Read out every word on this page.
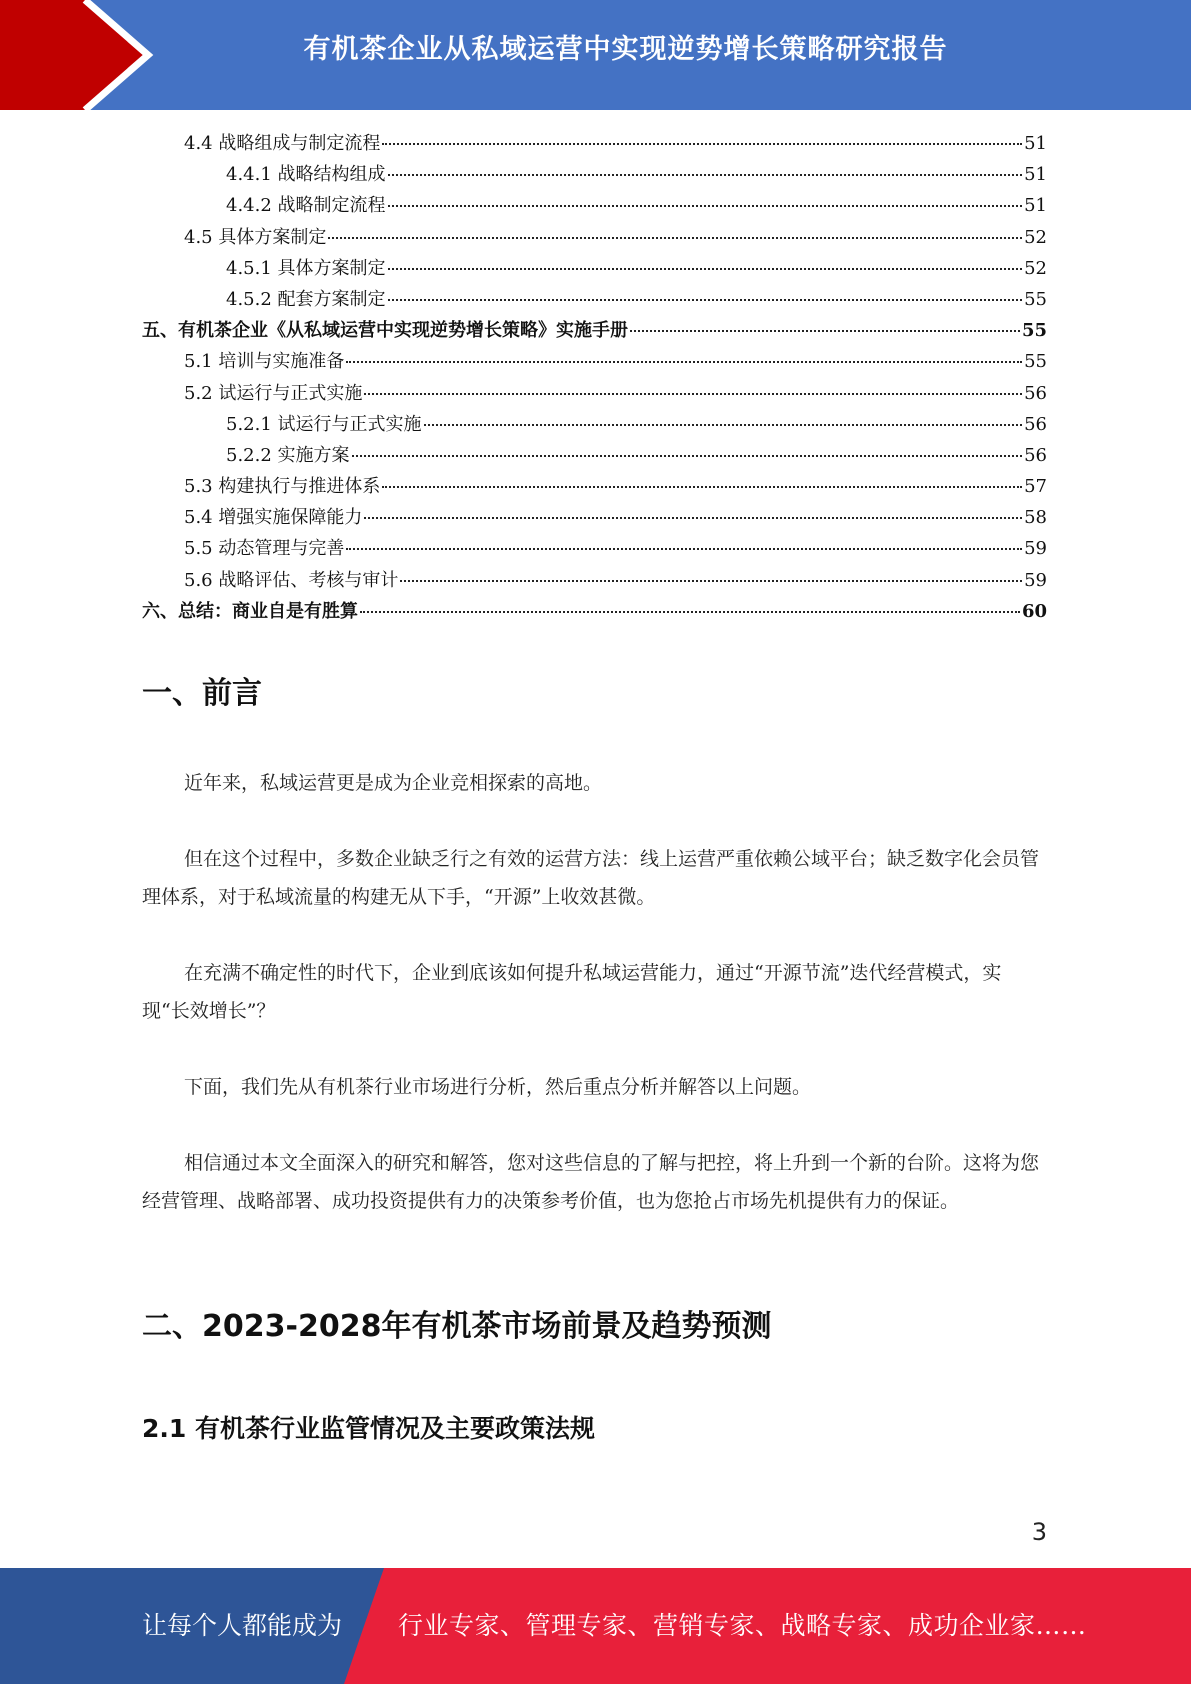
有机茶企业从私域运营中实现逆势增长策略研究报告
4.4 战略组成与制定流程	51
4.4.1 战略结构组成	51
4.4.2 战略制定流程	51
4.5 具体方案制定	52
4.5.1 具体方案制定	52
4.5.2 配套方案制定	55
五、有机茶企业《从私域运营中实现逆势增长策略》实施手册	55
5.1 培训与实施准备	55
5.2 试运行与正式实施	56
5.2.1 试运行与正式实施	56
5.2.2 实施方案	56
5.3 构建执行与推进体系	57
5.4 增强实施保障能力	58
5.5 动态管理与完善	59
5.6 战略评估、考核与审计	59
六、总结：商业自是有胜算	60
一、前言

近年来，私域运营更是成为企业竞相探索的高地。

但在这个过程中，多数企业缺乏行之有效的运营方法：线上运营严重依赖公域平台；缺乏数字化会员管理体系，对于私域流量的构建无从下手，“开源”上收效甚微。

在充满不确定性的时代下，企业到底该如何提升私域运营能力，通过“开源节流”迭代经营模式，实现“长效增长”？

下面，我们先从有机茶行业市场进行分析，然后重点分析并解答以上问题。

相信通过本文全面深入的研究和解答，您对这些信息的了解与把控，将上升到一个新的台阶。这将为您经营管理、战略部署、成功投资提供有力的决策参考价值，也为您抢占市场先机提供有力的保证。

二、2023-2028年有机茶市场前景及趋势预测
2.1 有机茶行业监管情况及主要政策法规
3
让每个人都能成为 行业专家、管理专家、营销专家、战略专家、成功企业家……
